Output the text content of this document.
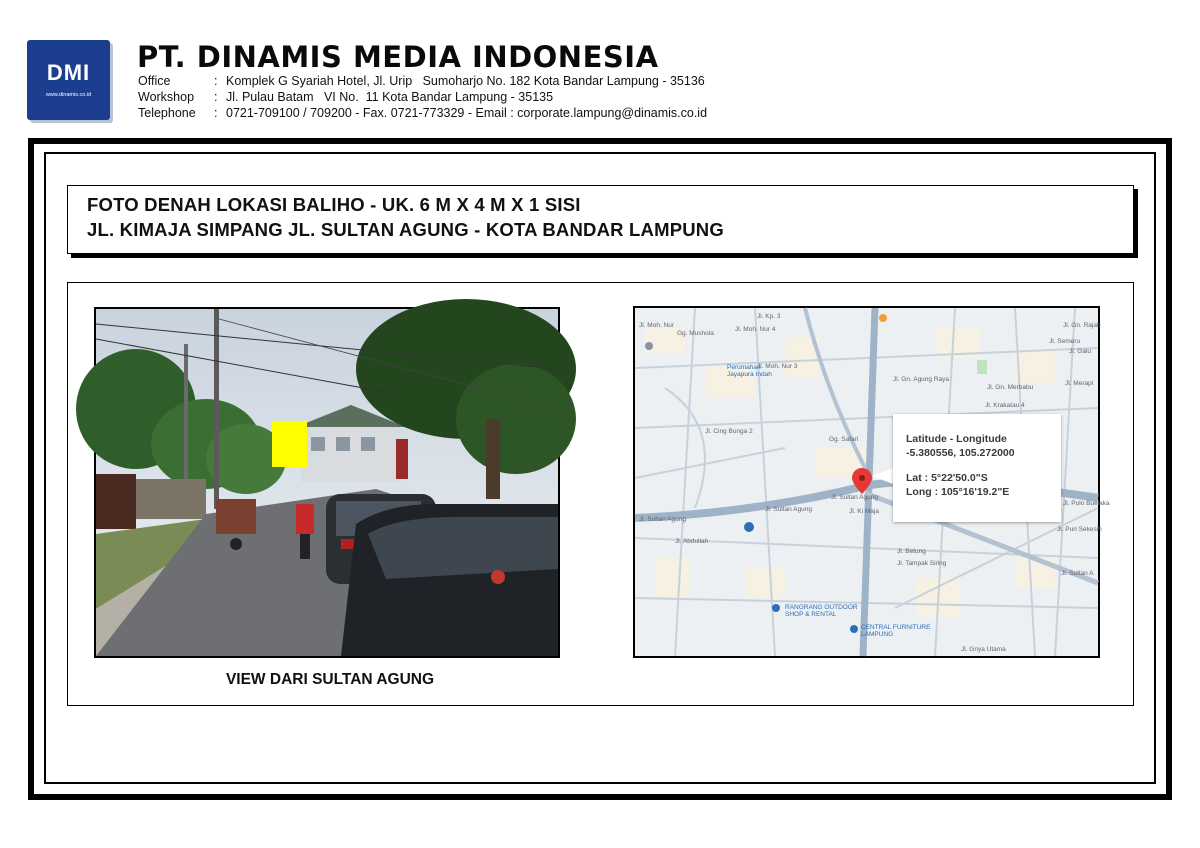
DMI
www.dinamis.co.id
PT. DINAMIS MEDIA INDONESIA
Office	: Komplek G Syariah Hotel, Jl. Urip   Sumoharjo No. 182 Kota Bandar Lampung - 35136
Workshop	: Jl. Pulau Batam   VI No.  11 Kota Bandar Lampung - 35135
Telephone	: 0721-709100 / 709200 - Fax. 0721-773329 - Email : corporate.lampung@dinamis.co.id
FOTO DENAH LOKASI BALIHO - UK. 6 M X 4 M X 1 SISI
JL. KIMAJA SIMPANG JL. SULTAN AGUNG - KOTA BANDAR LAMPUNG
VIEW DARI SULTAN AGUNG
Jl. Kp. 3
Gg. Mushola
Jl. Moh. Nur 4
Jl. Moh. Nur
Jl. Moh. Nur 3
Jl. Gn. Agung Raya
Jl. Gn. Merbabu
Jl. Krakatau 4
Jl. Cing Bunga 2
Gg. Safari
Jl. Sultan Agung
Jl. Sultan Agung
Jl. Sultan Agung
Jl. Ki Maja
Jl. Gn. Rajab
Jl. Semeru
Jl. Galu
Jl. Tampak Siring
Jl. Betung
Jl. Griya Utama
Jl. Abdullah
Jl. Sultan A
Jl. Merapi
Jl. Pulo Buelaka
Jl. Puri Sekesih
Perumahan Jayapura Indah
RANGRANG OUTDOOR SHOP & RENTAL
CENTRAL FURNITURE LAMPUNG
Latitude - Longitude
-5.380556, 105.272000
Lat : 5°22'50.0"S
Long : 105°16'19.2"E
